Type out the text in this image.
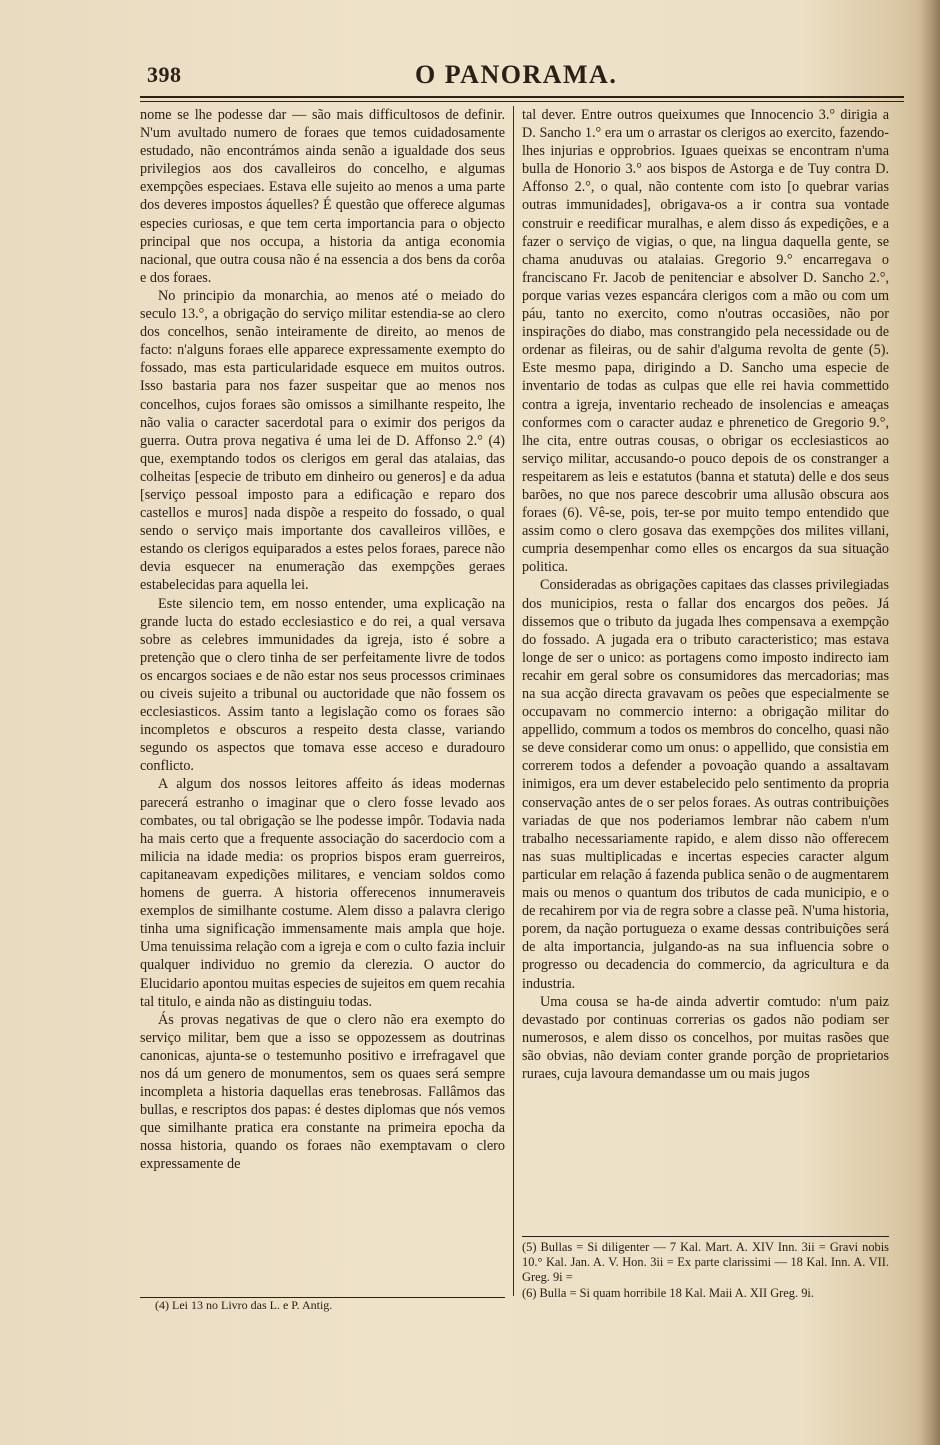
398	O PANORAMA.

nome se lhe podesse dar — são mais difficultosos de definir. N'um avultado numero de foraes que temos cuidadosamente estudado, não encontrámos ainda senão a igualdade dos seus privilegios aos dos cavalleiros do concelho, e algumas exempções especiaes. Estava elle sujeito ao menos a uma parte dos deveres impostos áquelles? É questão que offerece algumas especies curiosas, e que tem certa importancia para o objecto principal que nos occupa, a historia da antiga economia nacional, que outra cousa não é na essencia a dos bens da corôa e dos foraes.

No principio da monarchia, ao menos até o meiado do seculo 13.°, a obrigação do serviço militar estendia-se ao clero dos concelhos, senão inteiramente de direito, ao menos de facto: n'alguns foraes elle apparece expressamente exempto do fossado, mas esta particularidade esquece em muitos outros. Isso bastaria para nos fazer suspeitar que ao menos nos concelhos, cujos foraes são omissos a similhante respeito, lhe não valia o caracter sacerdotal para o eximir dos perigos da guerra. Outra prova negativa é uma lei de D. Affonso 2.° (4) que, exemptando todos os clerigos em geral das atalaias, das colheitas [especie de tributo em dinheiro ou generos] e da adua [serviço pessoal imposto para a edificação e reparo dos castellos e muros] nada dispõe a respeito do fossado, o qual sendo o serviço mais importante dos cavalleiros villões, e estando os clerigos equiparados a estes pelos foraes, parece não devia esquecer na enumeração das exempções geraes estabelecidas para aquella lei.

Este silencio tem, em nosso entender, uma explicação na grande lucta do estado ecclesiastico e do rei, a qual versava sobre as celebres immunidades da igreja, isto é sobre a pretenção que o clero tinha de ser perfeitamente livre de todos os encargos sociaes e de não estar nos seus processos criminaes ou civeis sujeito a tribunal ou auctoridade que não fossem os ecclesiasticos. Assim tanto a legislação como os foraes são incompletos e obscuros a respeito desta classe, variando segundo os aspectos que tomava esse acceso e duradouro conflicto.

A algum dos nossos leitores affeito ás ideas modernas parecerá estranho o imaginar que o clero fosse levado aos combates, ou tal obrigação se lhe podesse impôr. Todavia nada ha mais certo que a frequente associação do sacerdocio com a milicia na idade media: os proprios bispos eram guerreiros, capitaneavam expedições militares, e venciam soldos como homens de guerra. A historia offerecenos innumeraveis exemplos de similhante costume. Alem disso a palavra clerigo tinha uma significação immensamente mais ampla que hoje. Uma tenuissima relação com a igreja e com o culto fazia incluir qualquer individuo no gremio da clerezia. O auctor do Elucidario apontou muitas especies de sujeitos em quem recahia tal titulo, e ainda não as distinguiu todas.

Ás provas negativas de que o clero não era exempto do serviço militar, bem que a isso se oppozessem as doutrinas canonicas, ajunta-se o testemunho positivo e irrefragavel que nos dá um genero de monumentos, sem os quaes será sempre incompleta a historia daquellas eras tenebrosas. Fallâmos das bullas, e rescriptos dos papas: é destes diplomas que nós vemos que similhante pratica era constante na primeira epocha da nossa historia, quando os foraes não exemptavam o clero expressamente de

tal dever. Entre outros queixumes que Innocencio 3.° dirigia a D. Sancho 1.° era um o arrastar os clerigos ao exercito, fazendo-lhes injurias e opprobrios. Iguaes queixas se encontram n'uma bulla de Honorio 3.° aos bispos de Astorga e de Tuy contra D. Affonso 2.°, o qual, não contente com isto [o quebrar varias outras immunidades], obrigava-os a ir contra sua vontade construir e reedificar muralhas, e alem disso ás expedições, e a fazer o serviço de vigias, o que, na lingua daquella gente, se chama anuduvas ou atalaias. Gregorio 9.° encarregava o franciscano Fr. Jacob de penitenciar e absolver D. Sancho 2.°, porque varias vezes espancára clerigos com a mão ou com um páu, tanto no exercito, como n'outras occasiões, não por inspirações do diabo, mas constrangido pela necessidade ou de ordenar as fileiras, ou de sahir d'alguma revolta de gente (5). Este mesmo papa, dirigindo a D. Sancho uma especie de inventario de todas as culpas que elle rei havia commettido contra a igreja, inventario recheado de insolencias e ameaças conformes com o caracter audaz e phrenetico de Gregorio 9.°, lhe cita, entre outras cousas, o obrigar os ecclesiasticos ao serviço militar, accusando-o pouco depois de os constranger a respeitarem as leis e estatutos (banna et statuta) delle e dos seus barões, no que nos parece descobrir uma allusão obscura aos foraes (6). Vê-se, pois, ter-se por muito tempo entendido que assim como o clero gosava das exempções dos milites villani, cumpria desempenhar como elles os encargos da sua situação politica.

Consideradas as obrigações capitaes das classes privilegiadas dos municipios, resta o fallar dos encargos dos peões. Já dissemos que o tributo da jugada lhes compensava a exempção do fossado. A jugada era o tributo caracteristico; mas estava longe de ser o unico: as portagens como imposto indirecto iam recahir em geral sobre os consumidores das mercadorias; mas na sua acção directa gravavam os peões que especialmente se occupavam no commercio interno: a obrigação militar do appellido, commum a todos os membros do concelho, quasi não se deve considerar como um onus: o appellido, que consistia em correrem todos a defender a povoação quando a assaltavam inimigos, era um dever estabelecido pelo sentimento da propria conservação antes de o ser pelos foraes. As outras contribuições variadas de que nos poderiamos lembrar não cabem n'um trabalho necessariamente rapido, e alem disso não offerecem nas suas multiplicadas e incertas especies caracter algum particular em relação á fazenda publica senão o de augmentarem mais ou menos o quantum dos tributos de cada municipio, e o de recahirem por via de regra sobre a classe peã. N'uma historia, porem, da nação portugueza o exame dessas contribuições será de alta importancia, julgando-as na sua influencia sobre o progresso ou decadencia do commercio, da agricultura e da industria.

Uma cousa se ha-de ainda advertir comtudo: n'um paiz devastado por continuas correrias os gados não podiam ser numerosos, e alem disso os concelhos, por muitas rasões que são obvias, não deviam conter grande porção de proprietarios ruraes, cuja lavoura demandasse um ou mais jugos

(4) Lei 13 no Livro das L. e P. Antig.

(5) Bullas = Si diligenter — 7 Kal. Mart. A. XIV Inn. 3ii = Gravi nobis 10.° Kal. Jan. A. V. Hon. 3ii = Ex parte clarissimi — 18 Kal. Inn. A. VII. Greg. 9i =

(6) Bulla = Si quam horribile 18 Kal. Maii A. XII Greg. 9i.
